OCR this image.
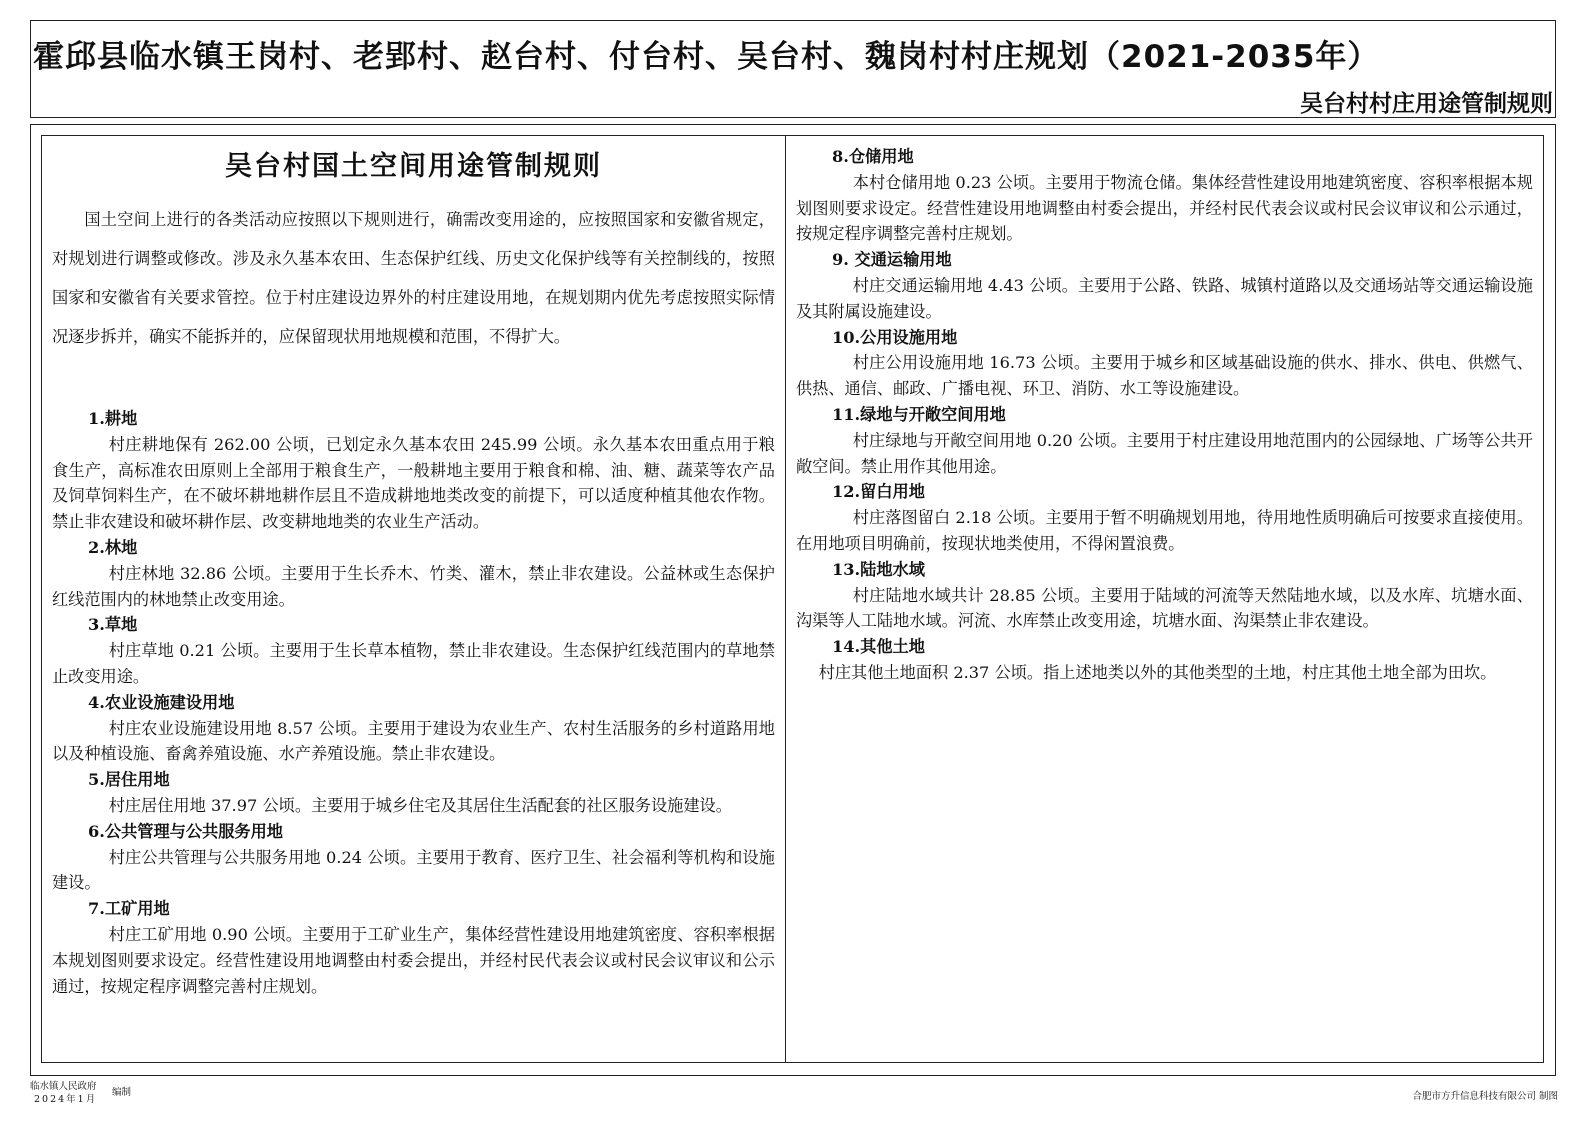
霍邱县临水镇王岗村、老郢村、赵台村、付台村、吴台村、魏岗村村庄规划（2021-2035年）
吴台村村庄用途管制规则
吴台村国土空间用途管制规则

国土空间上进行的各类活动应按照以下规则进行，确需改变用途的，应按照国家和安徽省规定，对规划进行调整或修改。涉及永久基本农田、生态保护红线、历史文化保护线等有关控制线的，按照国家和安徽省有关要求管控。位于村庄建设边界外的村庄建设用地，在规划期内优先考虑按照实际情况逐步拆并，确实不能拆并的，应保留现状用地规模和范围，不得扩大。

1.耕地

村庄耕地保有 262.00 公顷，已划定永久基本农田 245.99 公顷。永久基本农田重点用于粮食生产，高标准农田原则上全部用于粮食生产，一般耕地主要用于粮食和棉、油、糖、蔬菜等农产品及饲草饲料生产，在不破坏耕地耕作层且不造成耕地地类改变的前提下，可以适度种植其他农作物。禁止非农建设和破坏耕作层、改变耕地地类的农业生产活动。

2.林地

村庄林地 32.86 公顷。主要用于生长乔木、竹类、灌木，禁止非农建设。公益林或生态保护红线范围内的林地禁止改变用途。

3.草地

村庄草地 0.21 公顷。主要用于生长草本植物，禁止非农建设。生态保护红线范围内的草地禁止改变用途。

4.农业设施建设用地

村庄农业设施建设用地 8.57 公顷。主要用于建设为农业生产、农村生活服务的乡村道路用地以及种植设施、畜禽养殖设施、水产养殖设施。禁止非农建设。

5.居住用地

村庄居住用地 37.97 公顷。主要用于城乡住宅及其居住生活配套的社区服务设施建设。

6.公共管理与公共服务用地

村庄公共管理与公共服务用地 0.24 公顷。主要用于教育、医疗卫生、社会福利等机构和设施建设。

7.工矿用地

村庄工矿用地 0.90 公顷。主要用于工矿业生产，集体经营性建设用地建筑密度、容积率根据本规划图则要求设定。经营性建设用地调整由村委会提出，并经村民代表会议或村民会议审议和公示通过，按规定程序调整完善村庄规划。

8.仓储用地

本村仓储用地 0.23 公顷。主要用于物流仓储。集体经营性建设用地建筑密度、容积率根据本规划图则要求设定。经营性建设用地调整由村委会提出，并经村民代表会议或村民会议审议和公示通过，按规定程序调整完善村庄规划。

9. 交通运输用地

村庄交通运输用地 4.43 公顷。主要用于公路、铁路、城镇村道路以及交通场站等交通运输设施及其附属设施建设。

10.公用设施用地

村庄公用设施用地 16.73 公顷。主要用于城乡和区域基础设施的供水、排水、供电、供燃气、供热、通信、邮政、广播电视、环卫、消防、水工等设施建设。

11.绿地与开敞空间用地

村庄绿地与开敞空间用地 0.20 公顷。主要用于村庄建设用地范围内的公园绿地、广场等公共开敞空间。禁止用作其他用途。

12.留白用地

村庄落图留白 2.18 公顷。主要用于暂不明确规划用地，待用地性质明确后可按要求直接使用。在用地项目明确前，按现状地类使用，不得闲置浪费。

13.陆地水域

村庄陆地水域共计 28.85 公顷。主要用于陆域的河流等天然陆地水域，以及水库、坑塘水面、沟渠等人工陆地水域。河流、水库禁止改变用途，坑塘水面、沟渠禁止非农建设。

14.其他土地

村庄其他土地面积 2.37 公顷。指上述地类以外的其他类型的土地，村庄其他土地全部为田坎。

临水镇人民政府
编制
2024年1月	合肥市方升信息科技有限公司 制图
